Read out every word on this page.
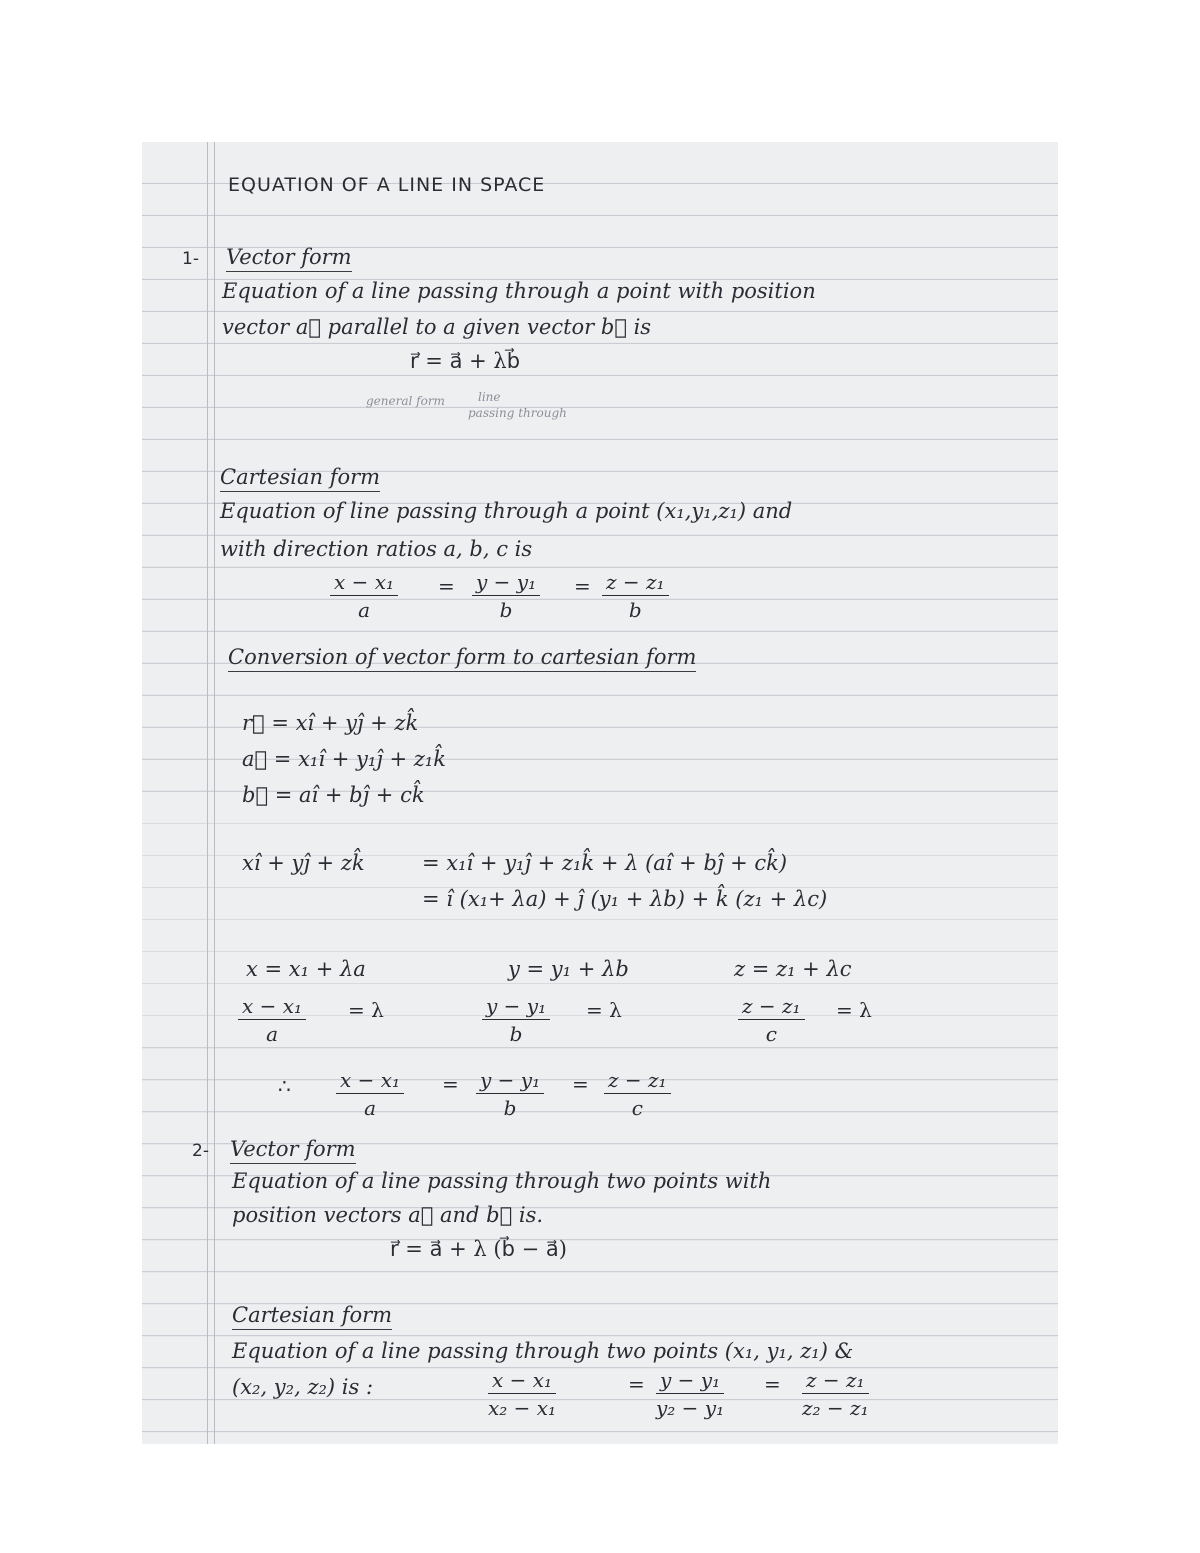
EQUATION OF A LINE IN SPACE
1- Vector form
Equation of a line passing through a point with position
vector a⃗ parallel to a given vector b⃗ is
r⃗ = a⃗ + λb⃗
general form	line
passing through
Cartesian form
Equation of line passing through a point (x₁,y₁,z₁) and
with direction ratios a, b, c is
$\frac{\text{x − x₁}}{a} = \frac{\text{y − y₁}}{b} = \frac{\text{z − z₁}}{b}$
Conversion of vector form to cartesian form
r⃗ = xî + yĵ + zk̂
a⃗ = x₁î + y₁ĵ + z₁k̂
b⃗ = aî + bĵ + ck̂
xî + yĵ + zk̂	= x₁î + y₁ĵ + z₁k̂ + λ (aî + bĵ + ck̂)
= î (x₁+ λa) + ĵ (y₁ + λb) + k̂ (z₁ + λc)
x = x₁ + λa	y = y₁ + λb	z = z₁ + λc
$\frac{\text{x − x₁}}{a} = \lambda$	$\frac{\text{y − y₁}}{b} = \lambda$	$\frac{\text{z − z₁}}{c} = \lambda$
∴ $\frac{\text{x − x₁}}{a} = \frac{\text{y − y₁}}{b} = \frac{\text{z − z₁}}{c}$
2- Vector form
Equation of a line passing through two points with
position vectors a⃗ and b⃗ is.
r⃗ = a⃗ + λ (b⃗ − a⃗)
Cartesian form
Equation of a line passing through two points (x₁, y₁, z₁) &
(x₂, y₂, z₂) is :	$\frac{\text{x − x₁}}{\text{x₂ − x₁}}$	= $\frac{\text{y − y₁}}{\text{y₂ − y₁}} = \frac{\text{z − z₁}}{\text{z₂ − z₁}}$
